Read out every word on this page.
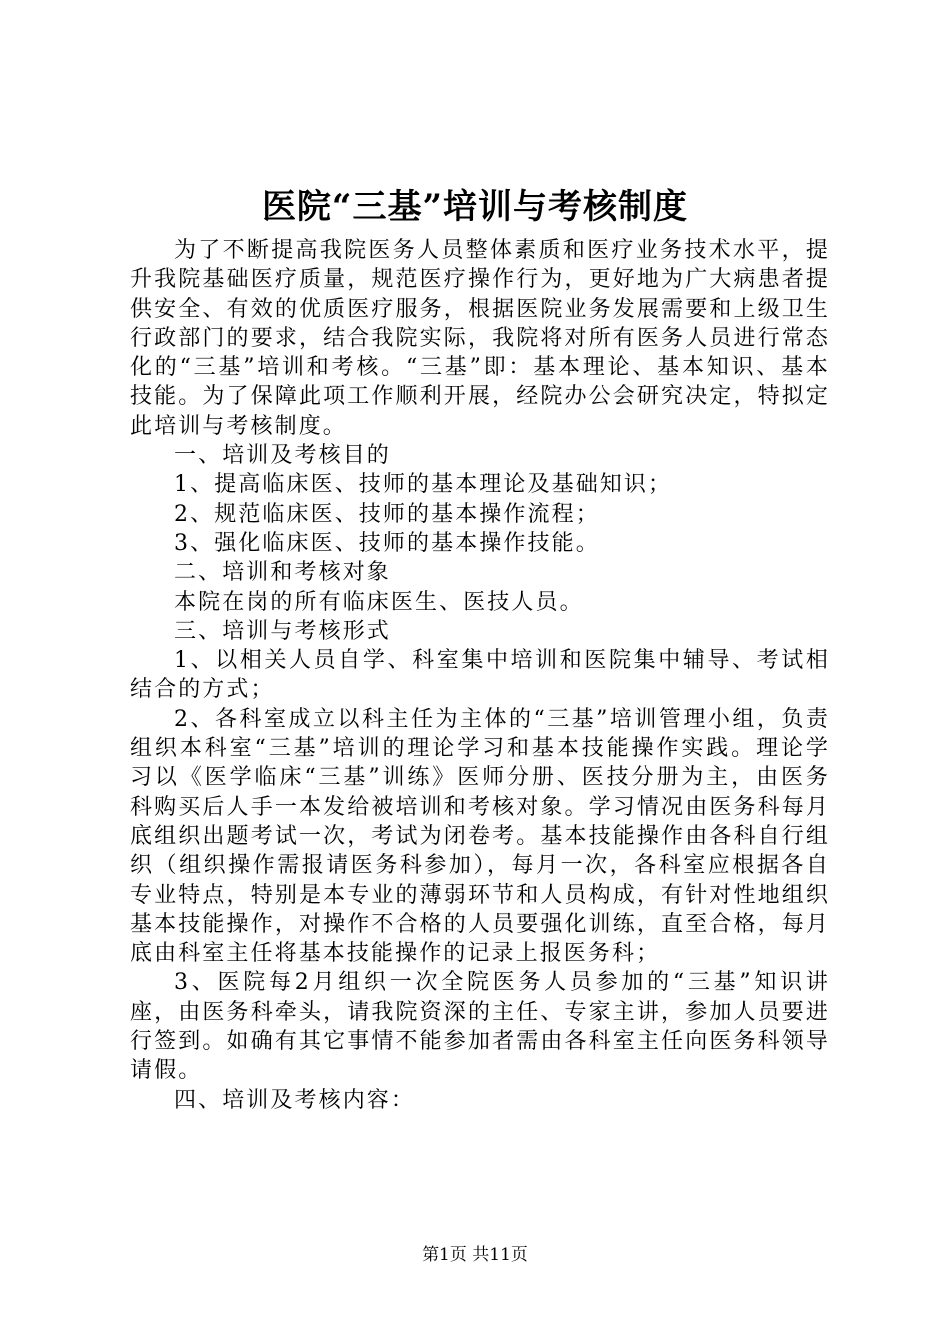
医院“三基”培训与考核制度

为了不断提高我院医务人员整体素质和医疗业务技术水平，提升我院基础医疗质量，规范医疗操作行为，更好地为广大病患者提供安全、有效的优质医疗服务，根据医院业务发展需要和上级卫生行政部门的要求，结合我院实际，我院将对所有医务人员进行常态化的“三基”培训和考核。“三基”即：基本理论、基本知识、基本技能。为了保障此项工作顺利开展，经院办公会研究决定，特拟定此培训与考核制度。

一、培训及考核目的

1、提高临床医、技师的基本理论及基础知识；

2、规范临床医、技师的基本操作流程；

3、强化临床医、技师的基本操作技能。

二、培训和考核对象

本院在岗的所有临床医生、医技人员。

三、培训与考核形式

1、以相关人员自学、科室集中培训和医院集中辅导、考试相结合的方式；

2、各科室成立以科主任为主体的“三基”培训管理小组，负责组织本科室“三基”培训的理论学习和基本技能操作实践。理论学习以《医学临床“三基”训练》医师分册、医技分册为主，由医务科购买后人手一本发给被培训和考核对象。学习情况由医务科每月底组织出题考试一次，考试为闭卷考。基本技能操作由各科自行组织（组织操作需报请医务科参加），每月一次，各科室应根据各自专业特点，特别是本专业的薄弱环节和人员构成，有针对性地组织基本技能操作，对操作不合格的人员要强化训练，直至合格，每月底由科室主任将基本技能操作的记录上报医务科；

3、医院每2月组织一次全院医务人员参加的“三基”知识讲座，由医务科牵头，请我院资深的主任、专家主讲，参加人员要进行签到。如确有其它事情不能参加者需由各科室主任向医务科领导请假。

四、培训及考核内容：

第1页 共11页
